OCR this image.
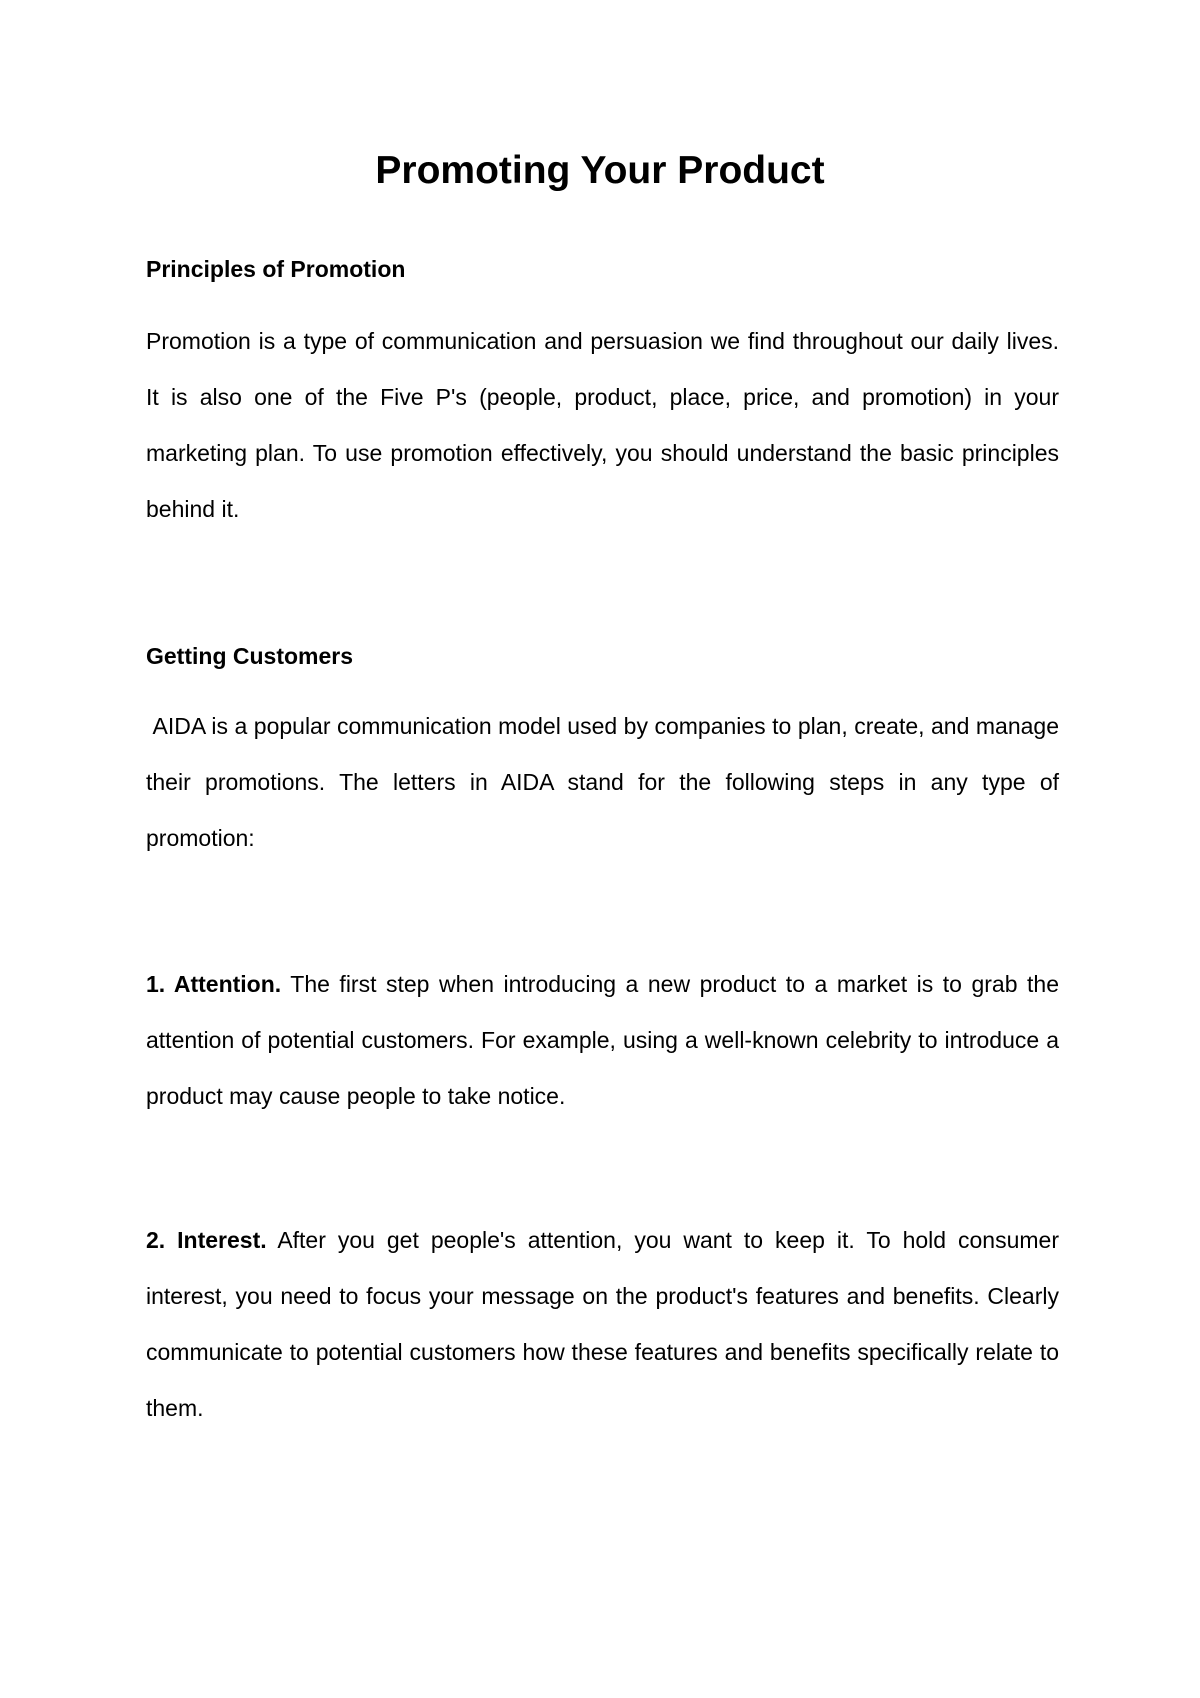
Promoting Your Product
Principles of Promotion

Promotion is a type of communication and persuasion we find throughout our daily lives. It is also one of the Five P's (people, product, place, price, and promotion) in your marketing plan. To use promotion effectively, you should understand the basic principles behind it.

Getting Customers

AIDA is a popular communication model used by companies to plan, create, and manage their promotions. The letters in AIDA stand for the following steps in any type of promotion:

1. Attention. The first step when introducing a new product to a market is to grab the attention of potential customers. For example, using a well-known celebrity to introduce a product may cause people to take notice.

2. Interest. After you get people's attention, you want to keep it. To hold consumer interest, you need to focus your message on the product's features and benefits. Clearly communicate to potential customers how these features and benefits specifically relate to them.
